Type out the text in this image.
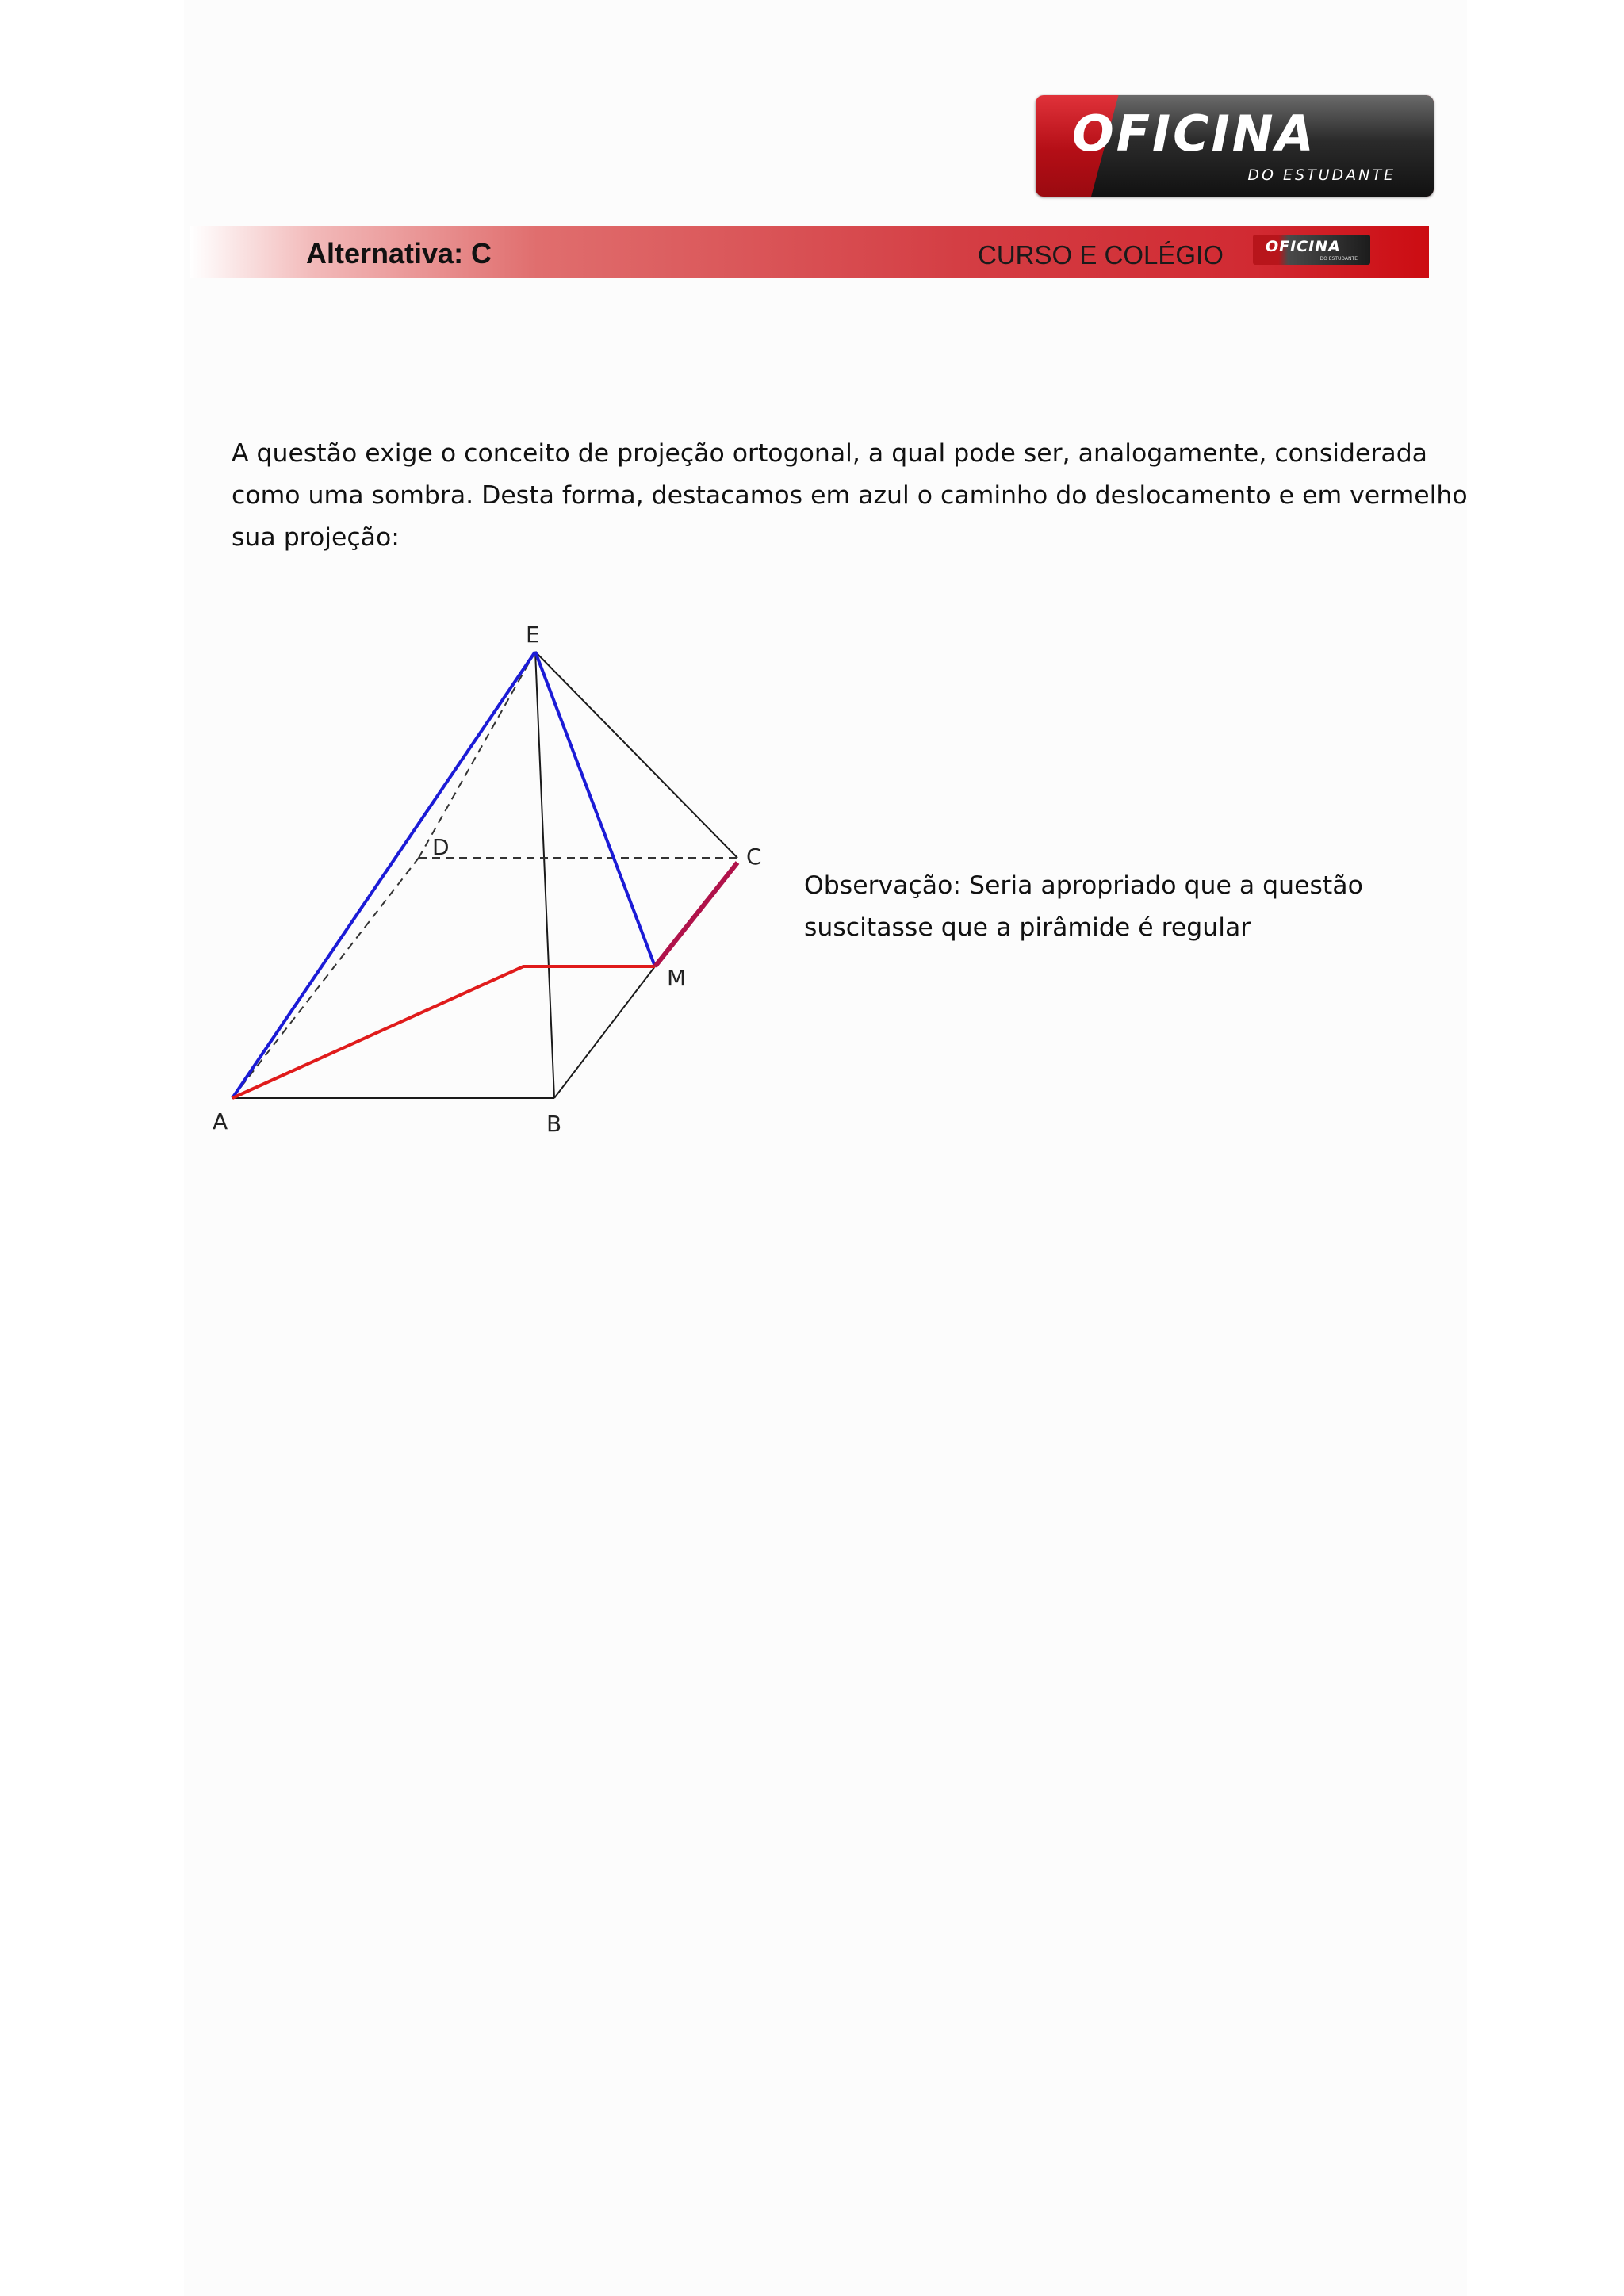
OFICINA
DO ESTUDANTE
Alternativa: C	CURSO E COLÉGIO	OFICINA
DO ESTUDANTE

A questão exige o conceito de projeção ortogonal, a qual pode ser, analogamente, considerada

como uma sombra. Desta forma, destacamos em azul o caminho do deslocamento e em vermelho

sua projeção:

E
D	C
M
A	B

Observação: Seria apropriado que a questão

suscitasse que a pirâmide é regular
